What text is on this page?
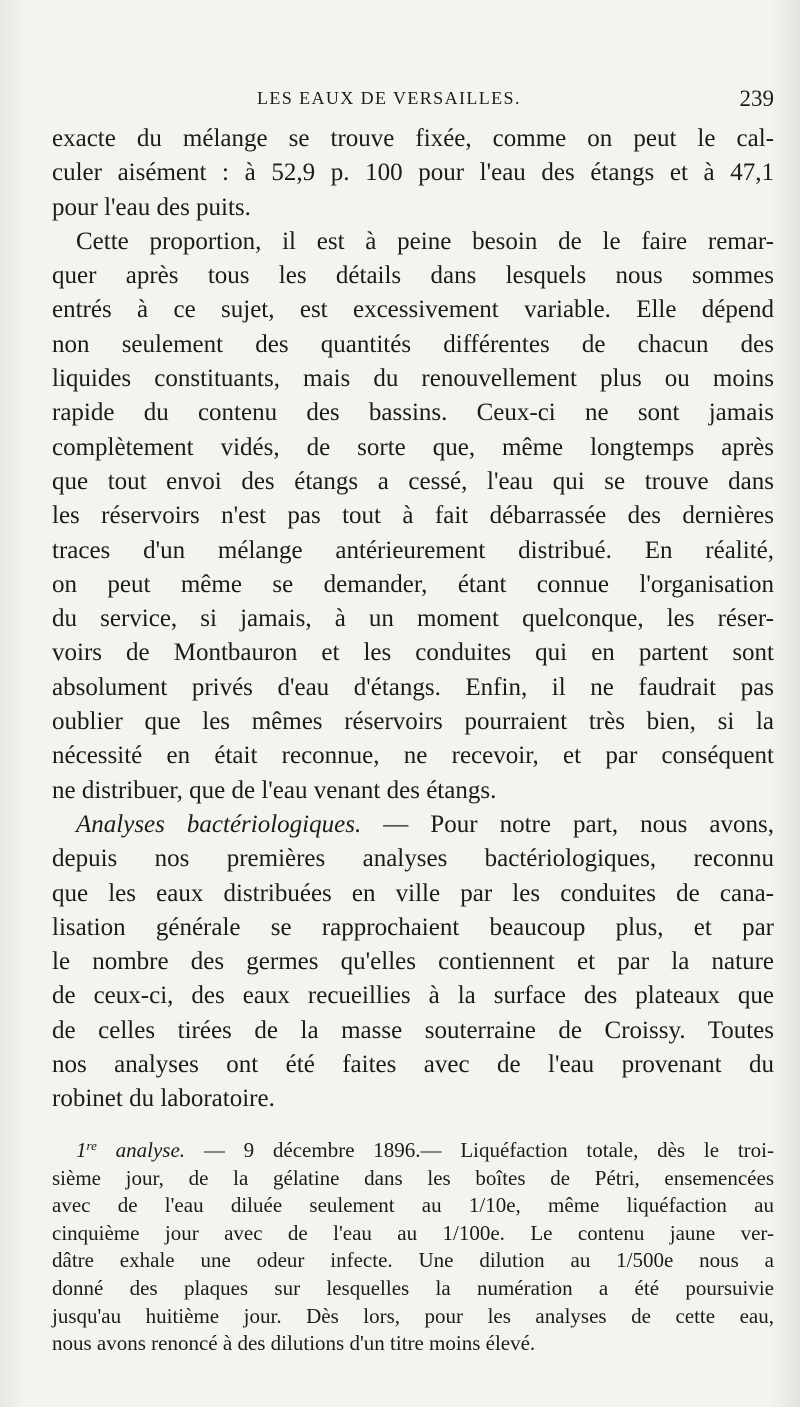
LES EAUX DE VERSAILLES.	239

exacte du mélange se trouve fixée, comme on peut le cal-
culer aisément : à 52,9 p. 100 pour l'eau des étangs et à 47,1
pour l'eau des puits.

Cette proportion, il est à peine besoin de le faire remar-
quer après tous les détails dans lesquels nous sommes
entrés à ce sujet, est excessivement variable. Elle dépend
non seulement des quantités différentes de chacun des
liquides constituants, mais du renouvellement plus ou moins
rapide du contenu des bassins. Ceux-ci ne sont jamais
complètement vidés, de sorte que, même longtemps après
que tout envoi des étangs a cessé, l'eau qui se trouve dans
les réservoirs n'est pas tout à fait débarrassée des dernières
traces d'un mélange antérieurement distribué. En réalité,
on peut même se demander, étant connue l'organisation
du service, si jamais, à un moment quelconque, les réser-
voirs de Montbauron et les conduites qui en partent sont
absolument privés d'eau d'étangs. Enfin, il ne faudrait pas
oublier que les mêmes réservoirs pourraient très bien, si la
nécessité en était reconnue, ne recevoir, et par conséquent
ne distribuer, que de l'eau venant des étangs.

Analyses bactériologiques. — Pour notre part, nous avons,
depuis nos premières analyses bactériologiques, reconnu
que les eaux distribuées en ville par les conduites de cana-
lisation générale se rapprochaient beaucoup plus, et par
le nombre des germes qu'elles contiennent et par la nature
de ceux-ci, des eaux recueillies à la surface des plateaux que
de celles tirées de la masse souterraine de Croissy. Toutes
nos analyses ont été faites avec de l'eau provenant du
robinet du laboratoire.

1re analyse. — 9 décembre 1896.— Liquéfaction totale, dès le troi-
sième jour, de la gélatine dans les boîtes de Pétri, ensemencées
avec de l'eau diluée seulement au 1/10e, même liquéfaction au
cinquième jour avec de l'eau au 1/100e. Le contenu jaune ver-
dâtre exhale une odeur infecte. Une dilution au 1/500e nous a
donné des plaques sur lesquelles la numération a été poursuivie
jusqu'au huitième jour. Dès lors, pour les analyses de cette eau,
nous avons renoncé à des dilutions d'un titre moins élevé.
